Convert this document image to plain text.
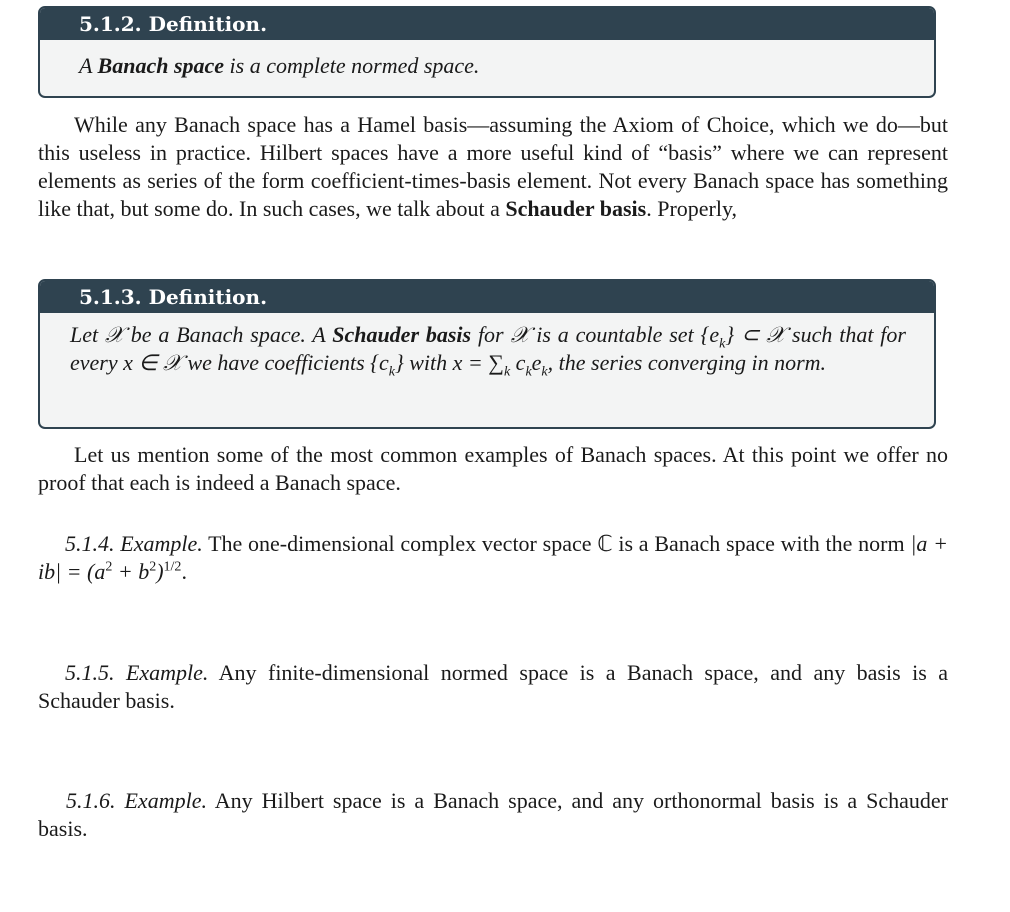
5.1.2. Definition.
A Banach space is a complete normed space.

While any Banach space has a Hamel basis—assuming the Axiom of Choice, which we do—but this useless in practice. Hilbert spaces have a more useful kind of “basis” where we can represent elements as series of the form coefficient-times-basis element. Not every Banach space has something like that, but some do. In such cases, we talk about a Schauder basis. Properly,

5.1.3. Definition.
Let 𝒳 be a Banach space. A Schauder basis for 𝒳 is a countable set $\{e_k\}$ ⊂ 𝒳 such that for every x ∈ 𝒳 we have coefficients $\{c_k\}$ with $x = \sum_k$ $c_ke_k$, the series converging in norm.

Let us mention some of the most common examples of Banach spaces. At this point we offer no proof that each is indeed a Banach space.

5.1.4. Example. The one-dimensional complex vector space ℂ is a Banach space with the norm $|a + ib| = (a^2 + b^2)^{1/2}$.

5.1.5. Example. Any finite-dimensional normed space is a Banach space, and any basis is a Schauder basis.

5.1.6. Example. Any Hilbert space is a Banach space, and any orthonormal basis is a Schauder basis.
